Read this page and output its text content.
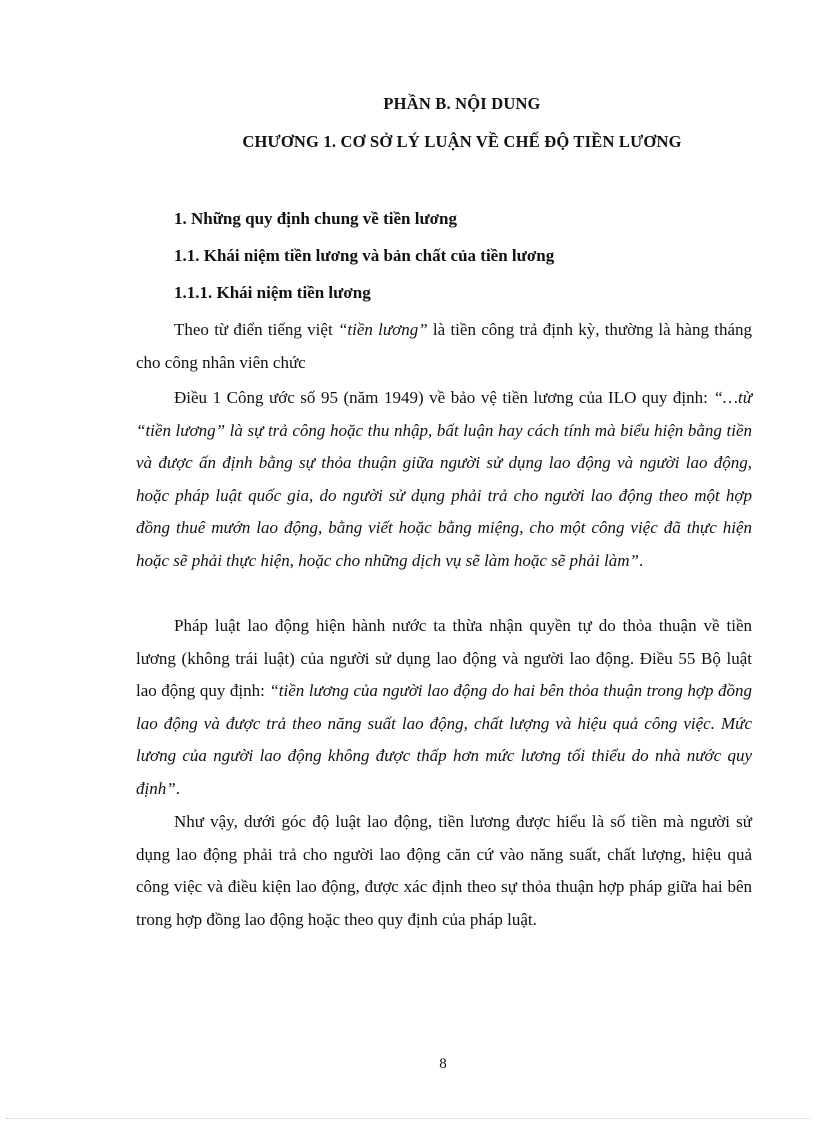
PHẦN B. NỘI DUNG
CHƯƠNG 1. CƠ SỞ LÝ LUẬN VỀ CHẾ ĐỘ TIỀN LƯƠNG
1. Những quy định chung về tiền lương
1.1. Khái niệm tiền lương và bản chất của tiền lương
1.1.1. Khái niệm tiền lương

Theo từ điển tiếng việt “tiền lương” là tiền công trả định kỳ, thường là hàng tháng cho công nhân viên chức

Điều 1 Công ước số 95 (năm 1949) về bảo vệ tiền lương của ILO quy định: “…từ “tiền lương” là sự trả công hoặc thu nhập, bất luận hay cách tính mà biểu hiện bằng tiền và được ấn định bằng sự thỏa thuận giữa người sử dụng lao động và người lao động, hoặc pháp luật quốc gia, do người sử dụng phải trả cho người lao động theo một hợp đồng thuê mướn lao động, bằng viết hoặc bằng miệng, cho một công việc đã thực hiện hoặc sẽ phải thực hiện, hoặc cho những dịch vụ sẽ làm hoặc sẽ phải làm”.

Pháp luật lao động hiện hành nước ta thừa nhận quyền tự do thỏa thuận về tiền lương (không trái luật) của người sử dụng lao động và người lao động. Điều 55 Bộ luật lao động quy định: “tiền lương của người lao động do hai bên thỏa thuận trong hợp đồng lao động và được trả theo năng suất lao động, chất lượng và hiệu quả công việc. Mức lương của người lao động không được thấp hơn mức lương tối thiểu do nhà nước quy định”.

Như vậy, dưới góc độ luật lao động, tiền lương được hiểu là số tiền mà người sử dụng lao động phải trả cho người lao động căn cứ vào năng suất, chất lượng, hiệu quả công việc và điều kiện lao động, được xác định theo sự thỏa thuận hợp pháp giữa hai bên trong hợp đồng lao động hoặc theo quy định của pháp luật.

8
